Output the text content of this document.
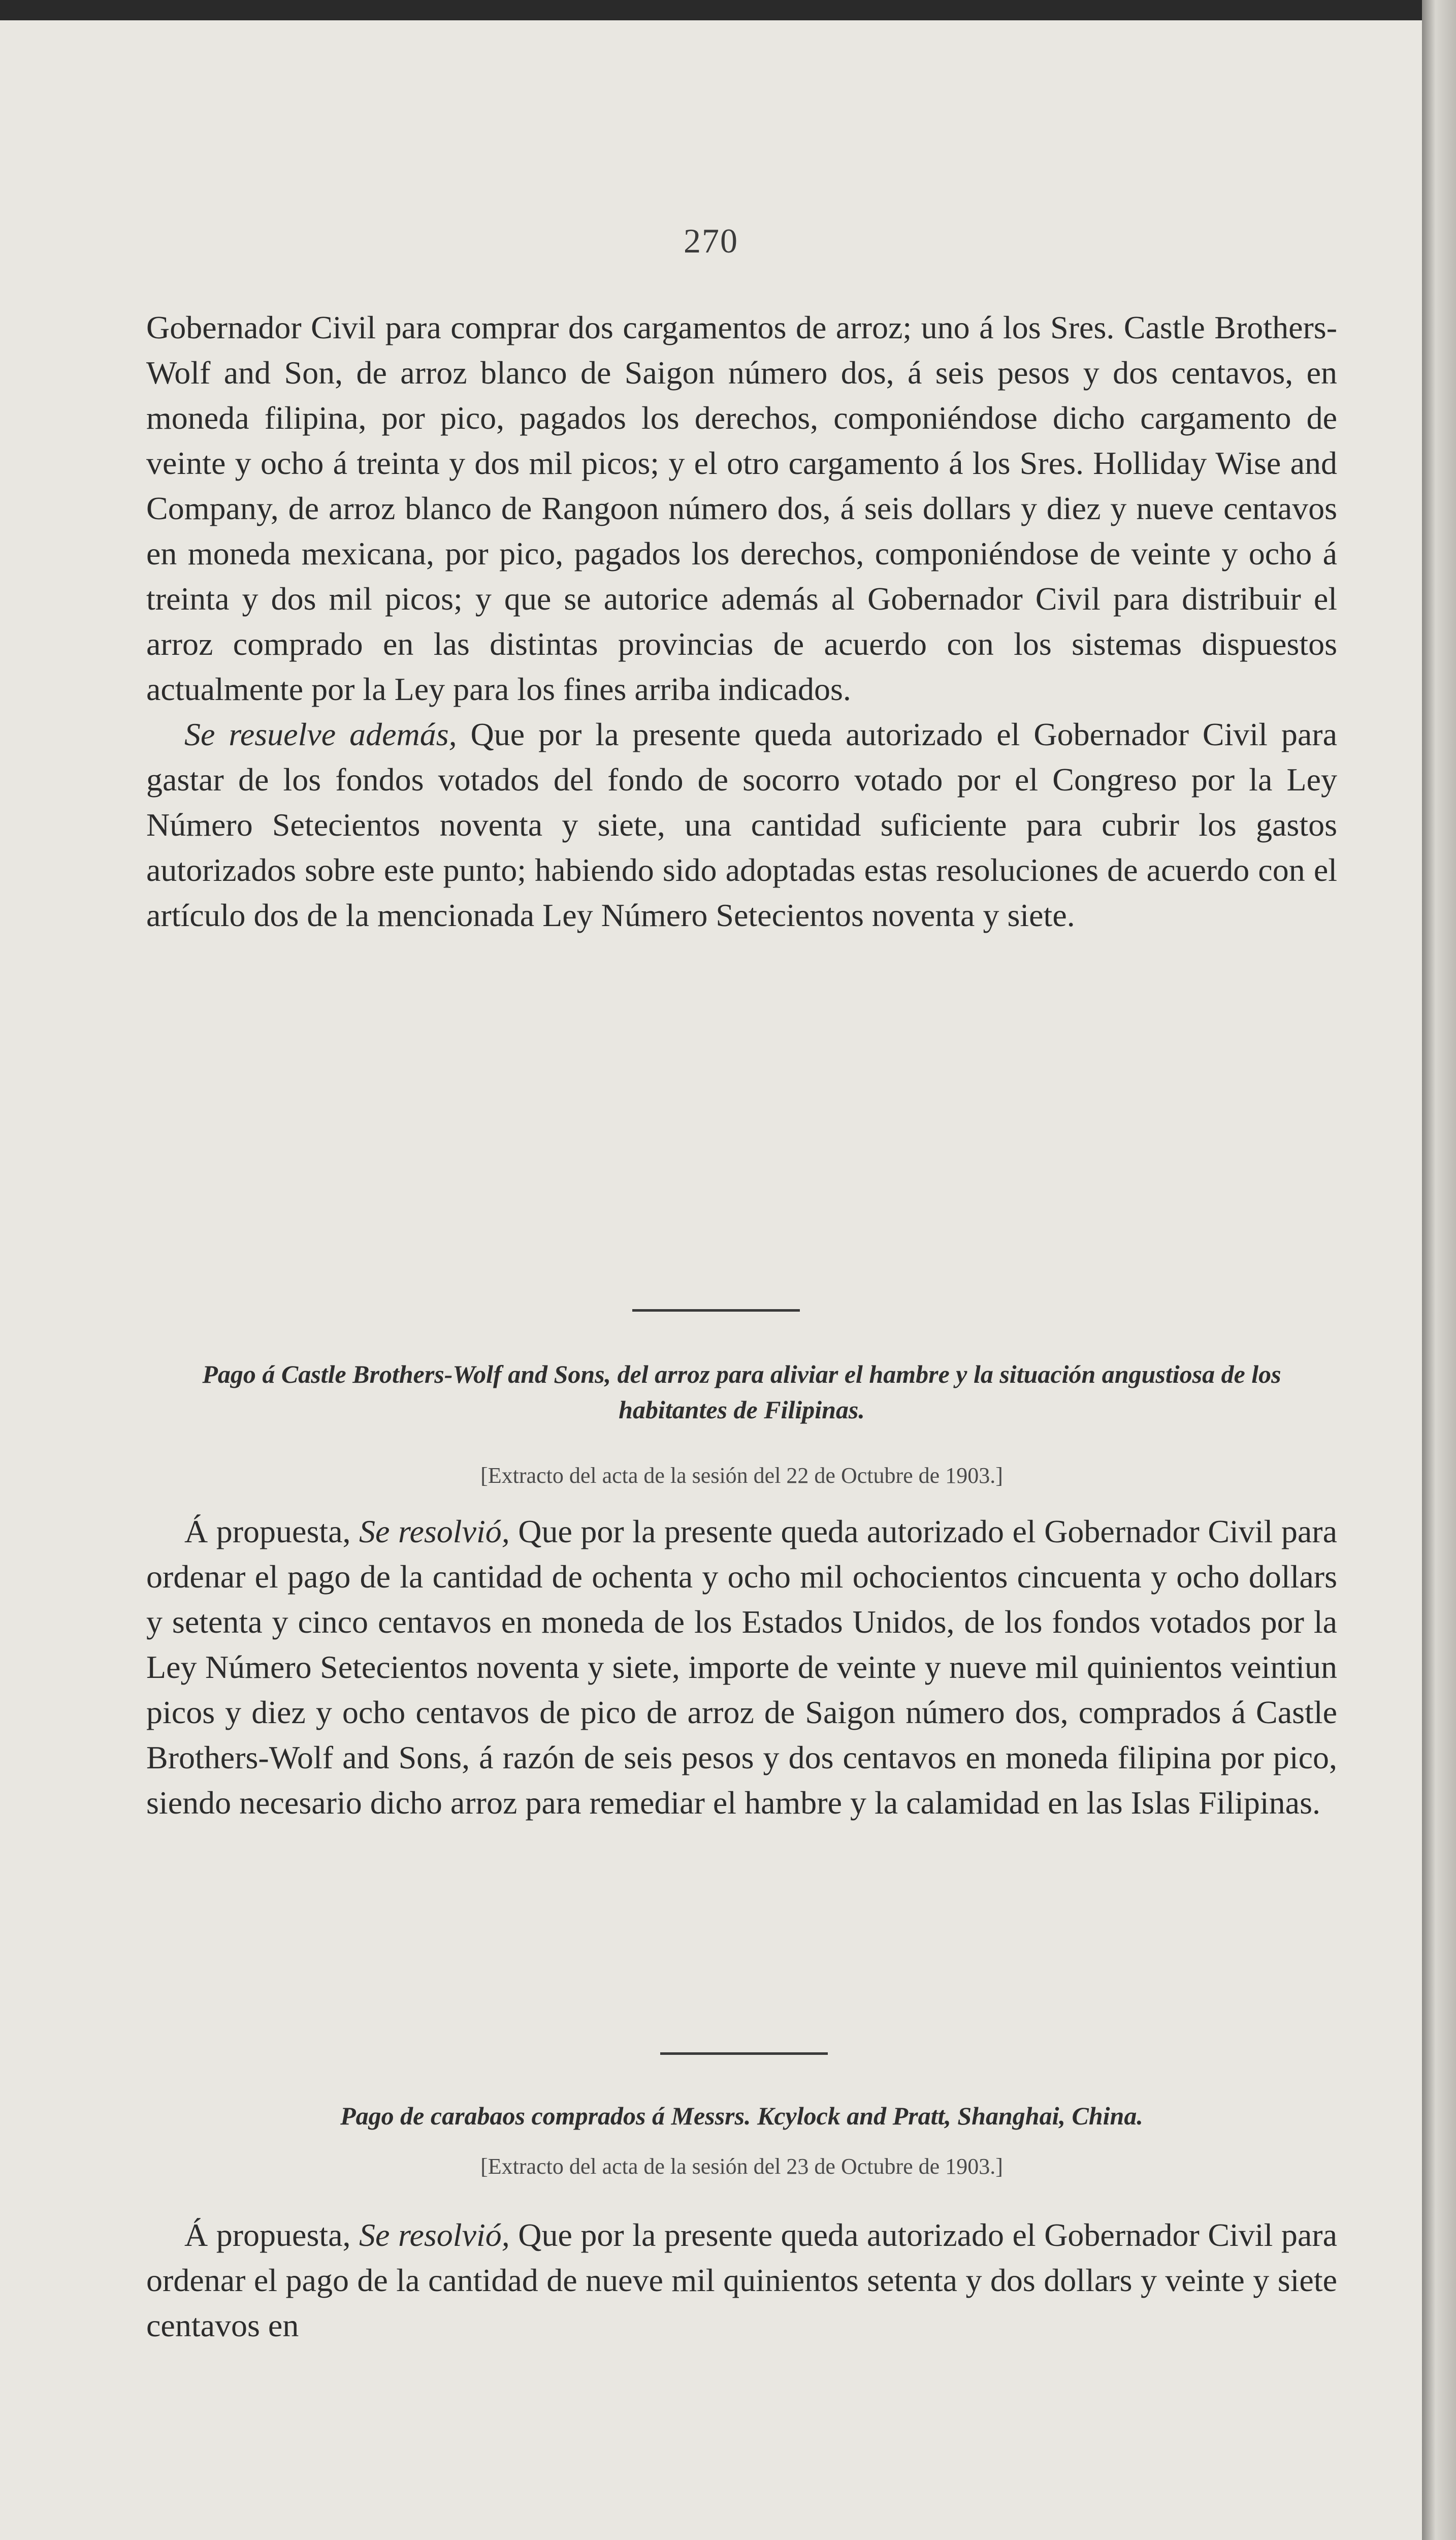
270

Gobernador Civil para comprar dos cargamentos de arroz; uno á los Sres. Castle Brothers-Wolf and Son, de arroz blanco de Saigon número dos, á seis pesos y dos centavos, en moneda filipina, por pico, pagados los derechos, componiéndose dicho cargamento de veinte y ocho á treinta y dos mil picos; y el otro cargamento á los Sres. Holliday Wise and Company, de arroz blanco de Rangoon número dos, á seis dollars y diez y nueve centavos en moneda mexicana, por pico, pagados los derechos, componiéndose de veinte y ocho á treinta y dos mil picos; y que se autorice además al Gobernador Civil para distribuir el arroz comprado en las distintas provincias de acuerdo con los sistemas dispuestos actualmente por la Ley para los fines arriba indicados.

Se resuelve además, Que por la presente queda autorizado el Gobernador Civil para gastar de los fondos votados del fondo de socorro votado por el Congreso por la Ley Número Setecientos noventa y siete, una cantidad suficiente para cubrir los gastos autorizados sobre este punto; habiendo sido adoptadas estas resoluciones de acuerdo con el artículo dos de la mencionada Ley Número Setecientos noventa y siete.

Pago á Castle Brothers-Wolf and Sons, del arroz para aliviar el hambre y la situación angustiosa de los habitantes de Filipinas.
[Extracto del acta de la sesión del 22 de Octubre de 1903.]

Á propuesta, Se resolvió, Que por la presente queda autorizado el Gobernador Civil para ordenar el pago de la cantidad de ochenta y ocho mil ochocientos cincuenta y ocho dollars y setenta y cinco centavos en moneda de los Estados Unidos, de los fondos votados por la Ley Número Setecientos noventa y siete, importe de veinte y nueve mil quinientos veintiun picos y diez y ocho centavos de pico de arroz de Saigon número dos, comprados á Castle Brothers-Wolf and Sons, á razón de seis pesos y dos centavos en moneda filipina por pico, siendo necesario dicho arroz para remediar el hambre y la calamidad en las Islas Filipinas.

Pago de carabaos comprados á Messrs. Kcylock and Pratt, Shanghai, China.
[Extracto del acta de la sesión del 23 de Octubre de 1903.]

Á propuesta, Se resolvió, Que por la presente queda autorizado el Gobernador Civil para ordenar el pago de la cantidad de nueve mil quinientos setenta y dos dollars y veinte y siete centavos en
